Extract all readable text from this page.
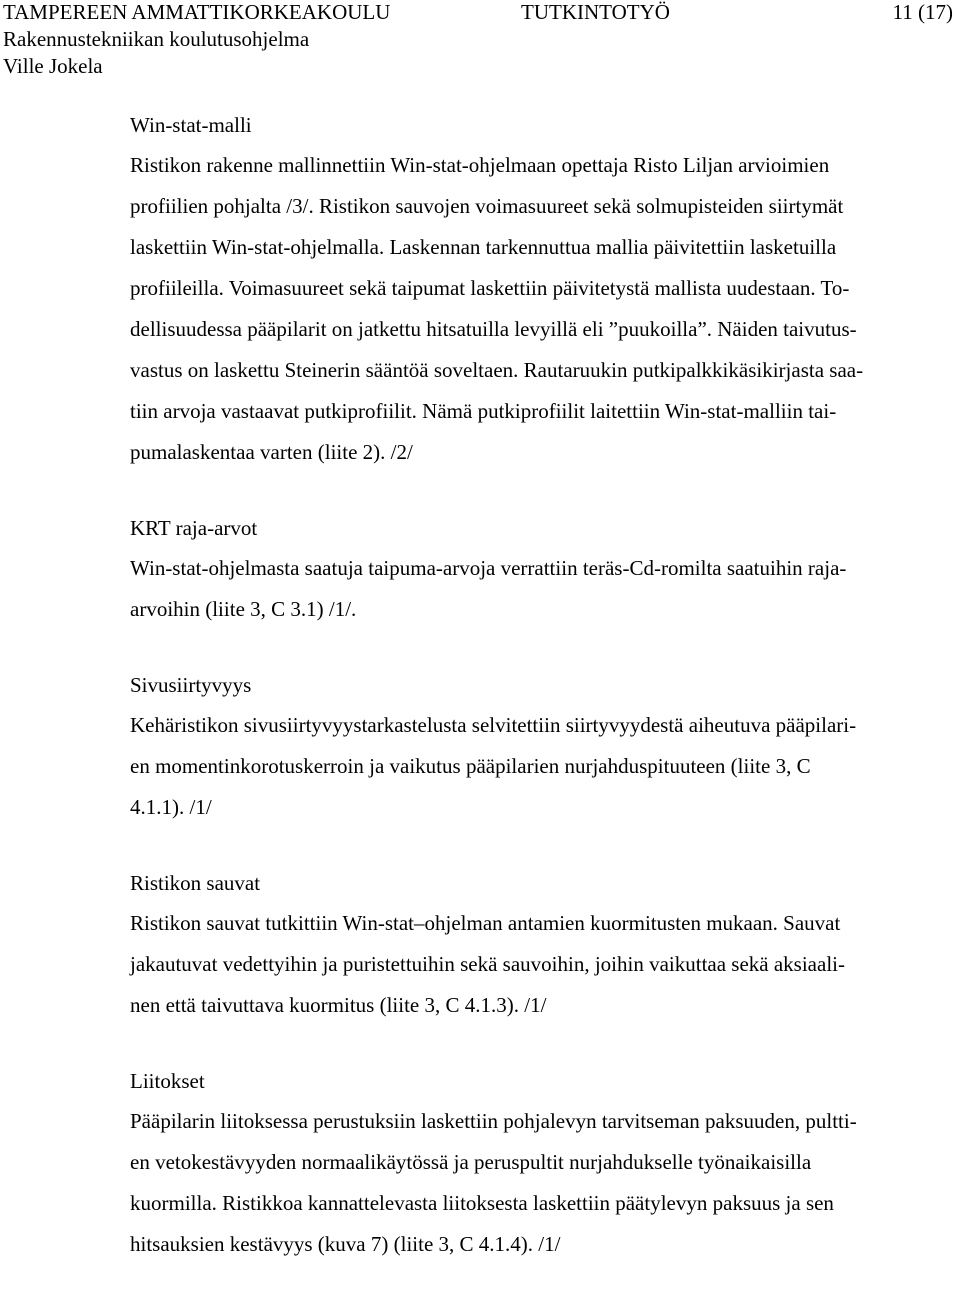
TAMPEREEN AMMATTIKORKEAKOULU	TUTKINTOTYÖ	11 (17)
Rakennustekniikan koulutusohjelma
Ville Jokela
Win-stat-malli

Ristikon rakenne mallinnettiin Win-stat-ohjelmaan opettaja Risto Liljan arvioimien

profiilien pohjalta /3/. Ristikon sauvojen voimasuureet sekä solmupisteiden siirtymät

laskettiin Win-stat-ohjelmalla. Laskennan tarkennuttua mallia päivitettiin lasketuilla

profiileilla. Voimasuureet sekä taipumat laskettiin päivitetystä mallista uudestaan. To-

dellisuudessa pääpilarit on jatkettu hitsatuilla levyillä eli ”puukoilla”. Näiden taivutus-

vastus on laskettu Steinerin sääntöä soveltaen. Rautaruukin putkipalkkikäsikirjasta saa-

tiin arvoja vastaavat putkiprofiilit. Nämä putkiprofiilit laitettiin Win-stat-malliin tai-

pumalaskentaa varten (liite 2). /2/

KRT raja-arvot

Win-stat-ohjelmasta saatuja taipuma-arvoja verrattiin teräs-Cd-romilta saatuihin raja-

arvoihin (liite 3, C 3.1) /1/.

Sivusiirtyvyys

Kehäristikon sivusiirtyvyystarkastelusta selvitettiin siirtyvyydestä aiheutuva pääpilari-

en momentinkorotuskerroin ja vaikutus pääpilarien nurjahduspituuteen (liite 3, C

4.1.1). /1/

Ristikon sauvat

Ristikon sauvat tutkittiin Win-stat–ohjelman antamien kuormitusten mukaan. Sauvat

jakautuvat vedettyihin ja puristettuihin sekä sauvoihin, joihin vaikuttaa sekä aksiaali-

nen että taivuttava kuormitus (liite 3, C 4.1.3). /1/

Liitokset

Pääpilarin liitoksessa perustuksiin laskettiin pohjalevyn tarvitseman paksuuden, pultti-

en vetokestävyyden normaalikäytössä ja peruspultit nurjahdukselle työnaikaisilla

kuormilla. Ristikkoa kannattelevasta liitoksesta laskettiin päätylevyn paksuus ja sen

hitsauksien kestävyys (kuva 7) (liite 3, C 4.1.4). /1/
